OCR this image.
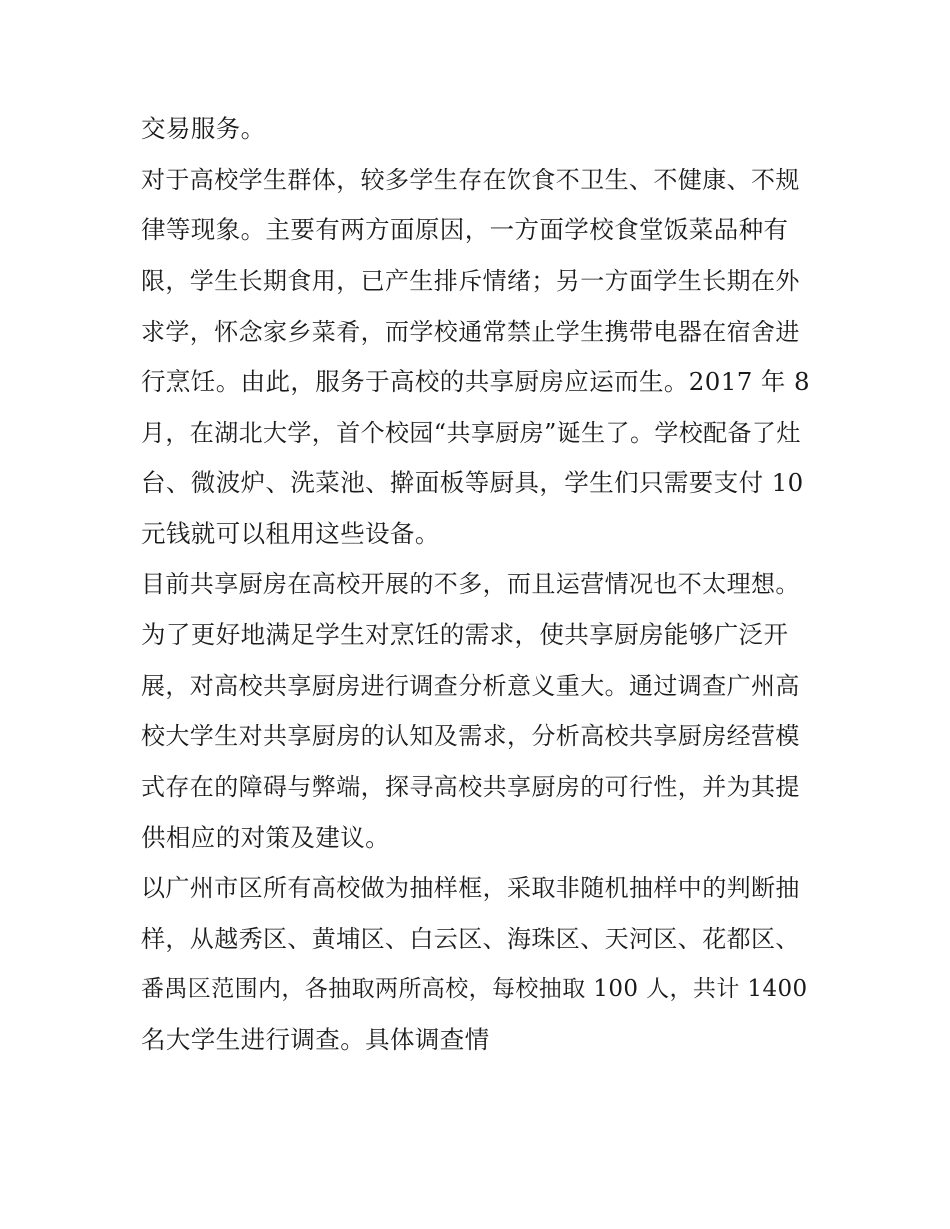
交易服务。
对于高校学生群体，较多学生存在饮食不卫生、不健康、不规
律等现象。主要有两方面原因，一方面学校食堂饭菜品种有
限，学生长期食用，已产生排斥情绪；另一方面学生长期在外
求学，怀念家乡菜肴，而学校通常禁止学生携带电器在宿舍进
行烹饪。由此，服务于高校的共享厨房应运而生。2017 年 8
月，在湖北大学，首个校园“共享厨房”诞生了。学校配备了灶
台、微波炉、洗菜池、擀面板等厨具，学生们只需要支付 10
元钱就可以租用这些设备。
目前共享厨房在高校开展的不多，而且运营情况也不太理想。
为了更好地满足学生对烹饪的需求，使共享厨房能够广泛开
展，对高校共享厨房进行调查分析意义重大。通过调查广州高
校大学生对共享厨房的认知及需求，分析高校共享厨房经营模
式存在的障碍与弊端，探寻高校共享厨房的可行性，并为其提
供相应的对策及建议。
以广州市区所有高校做为抽样框，采取非随机抽样中的判断抽
样，从越秀区、黄埔区、白云区、海珠区、天河区、花都区、
番禺区范围内，各抽取两所高校，每校抽取 100 人，共计 1400
名大学生进行调查。具体调查情
